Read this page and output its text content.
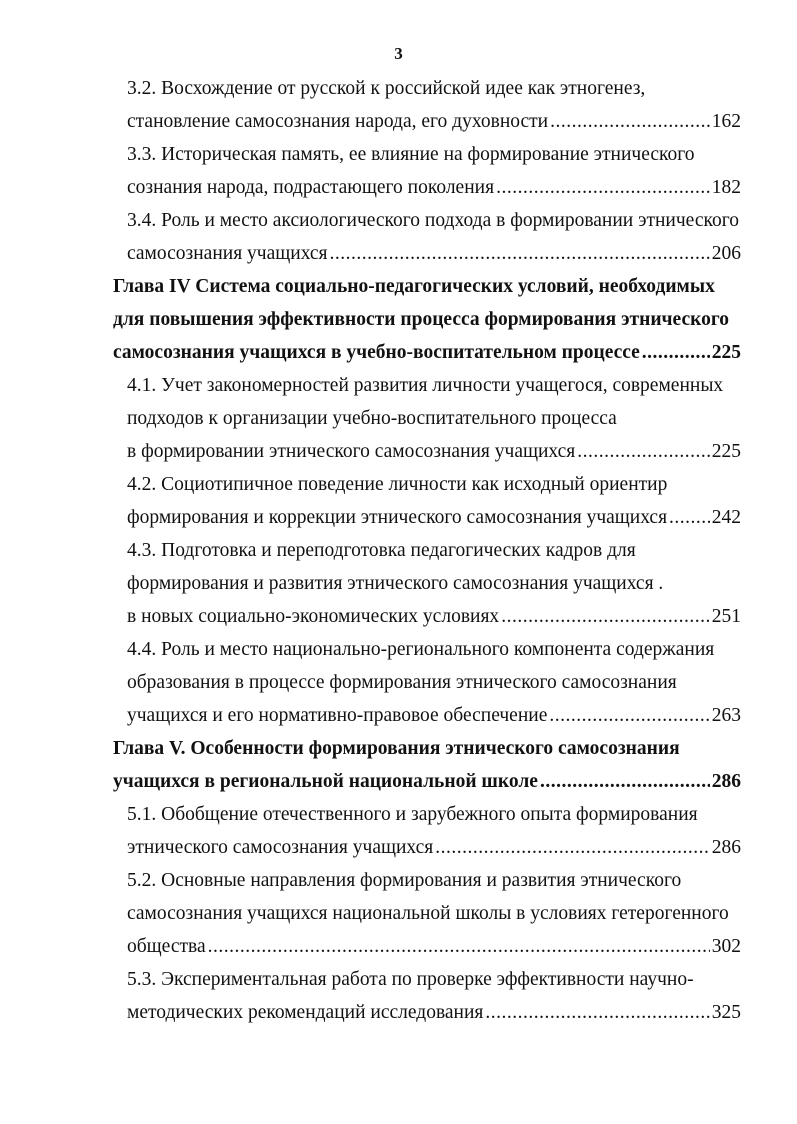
3
3.2. Восхождение от русской к российской идее как этногенез,
становление самосознания народа, его духовности .....	162
3.3. Историческая память, ее влияние на формирование этнического
сознания народа, подрастающего поколения .....	182
3.4. Роль и место аксиологического подхода в формировании этнического
самосознания учащихся .....	206
Глава IV Система социально-педагогических условий, необходимых
для повышения эффективности процесса формирования этнического
самосознания учащихся в учебно-воспитательном процессе .....	225
4.1. Учет закономерностей развития личности учащегося, современных
подходов к организации учебно-воспитательного процесса
в формировании этнического самосознания учащихся .....	225
4.2. Социотипичное поведение личности как исходный ориентир
формирования и коррекции этнического самосознания учащихся ..... 242
4.3. Подготовка и переподготовка педагогических кадров для
формирования и развития этнического самосознания учащихся .
в новых социально-экономических условиях .....	251
4.4. Роль и место национально-регионального компонента содержания
образования в процессе формирования этнического самосознания
учащихся и его нормативно-правовое обеспечение .....	263
Глава V. Особенности формирования этнического самосознания
учащихся в региональной национальной школе .....	286
5.1. Обобщение отечественного и зарубежного опыта формирования
этнического самосознания учащихся .....	286
5.2. Основные направления формирования и развития этнического
самосознания учащихся национальной школы в условиях гетерогенного
общества .....	302
5.3. Экспериментальная работа по проверке эффективности научно-
методических рекомендаций исследования .....	325
